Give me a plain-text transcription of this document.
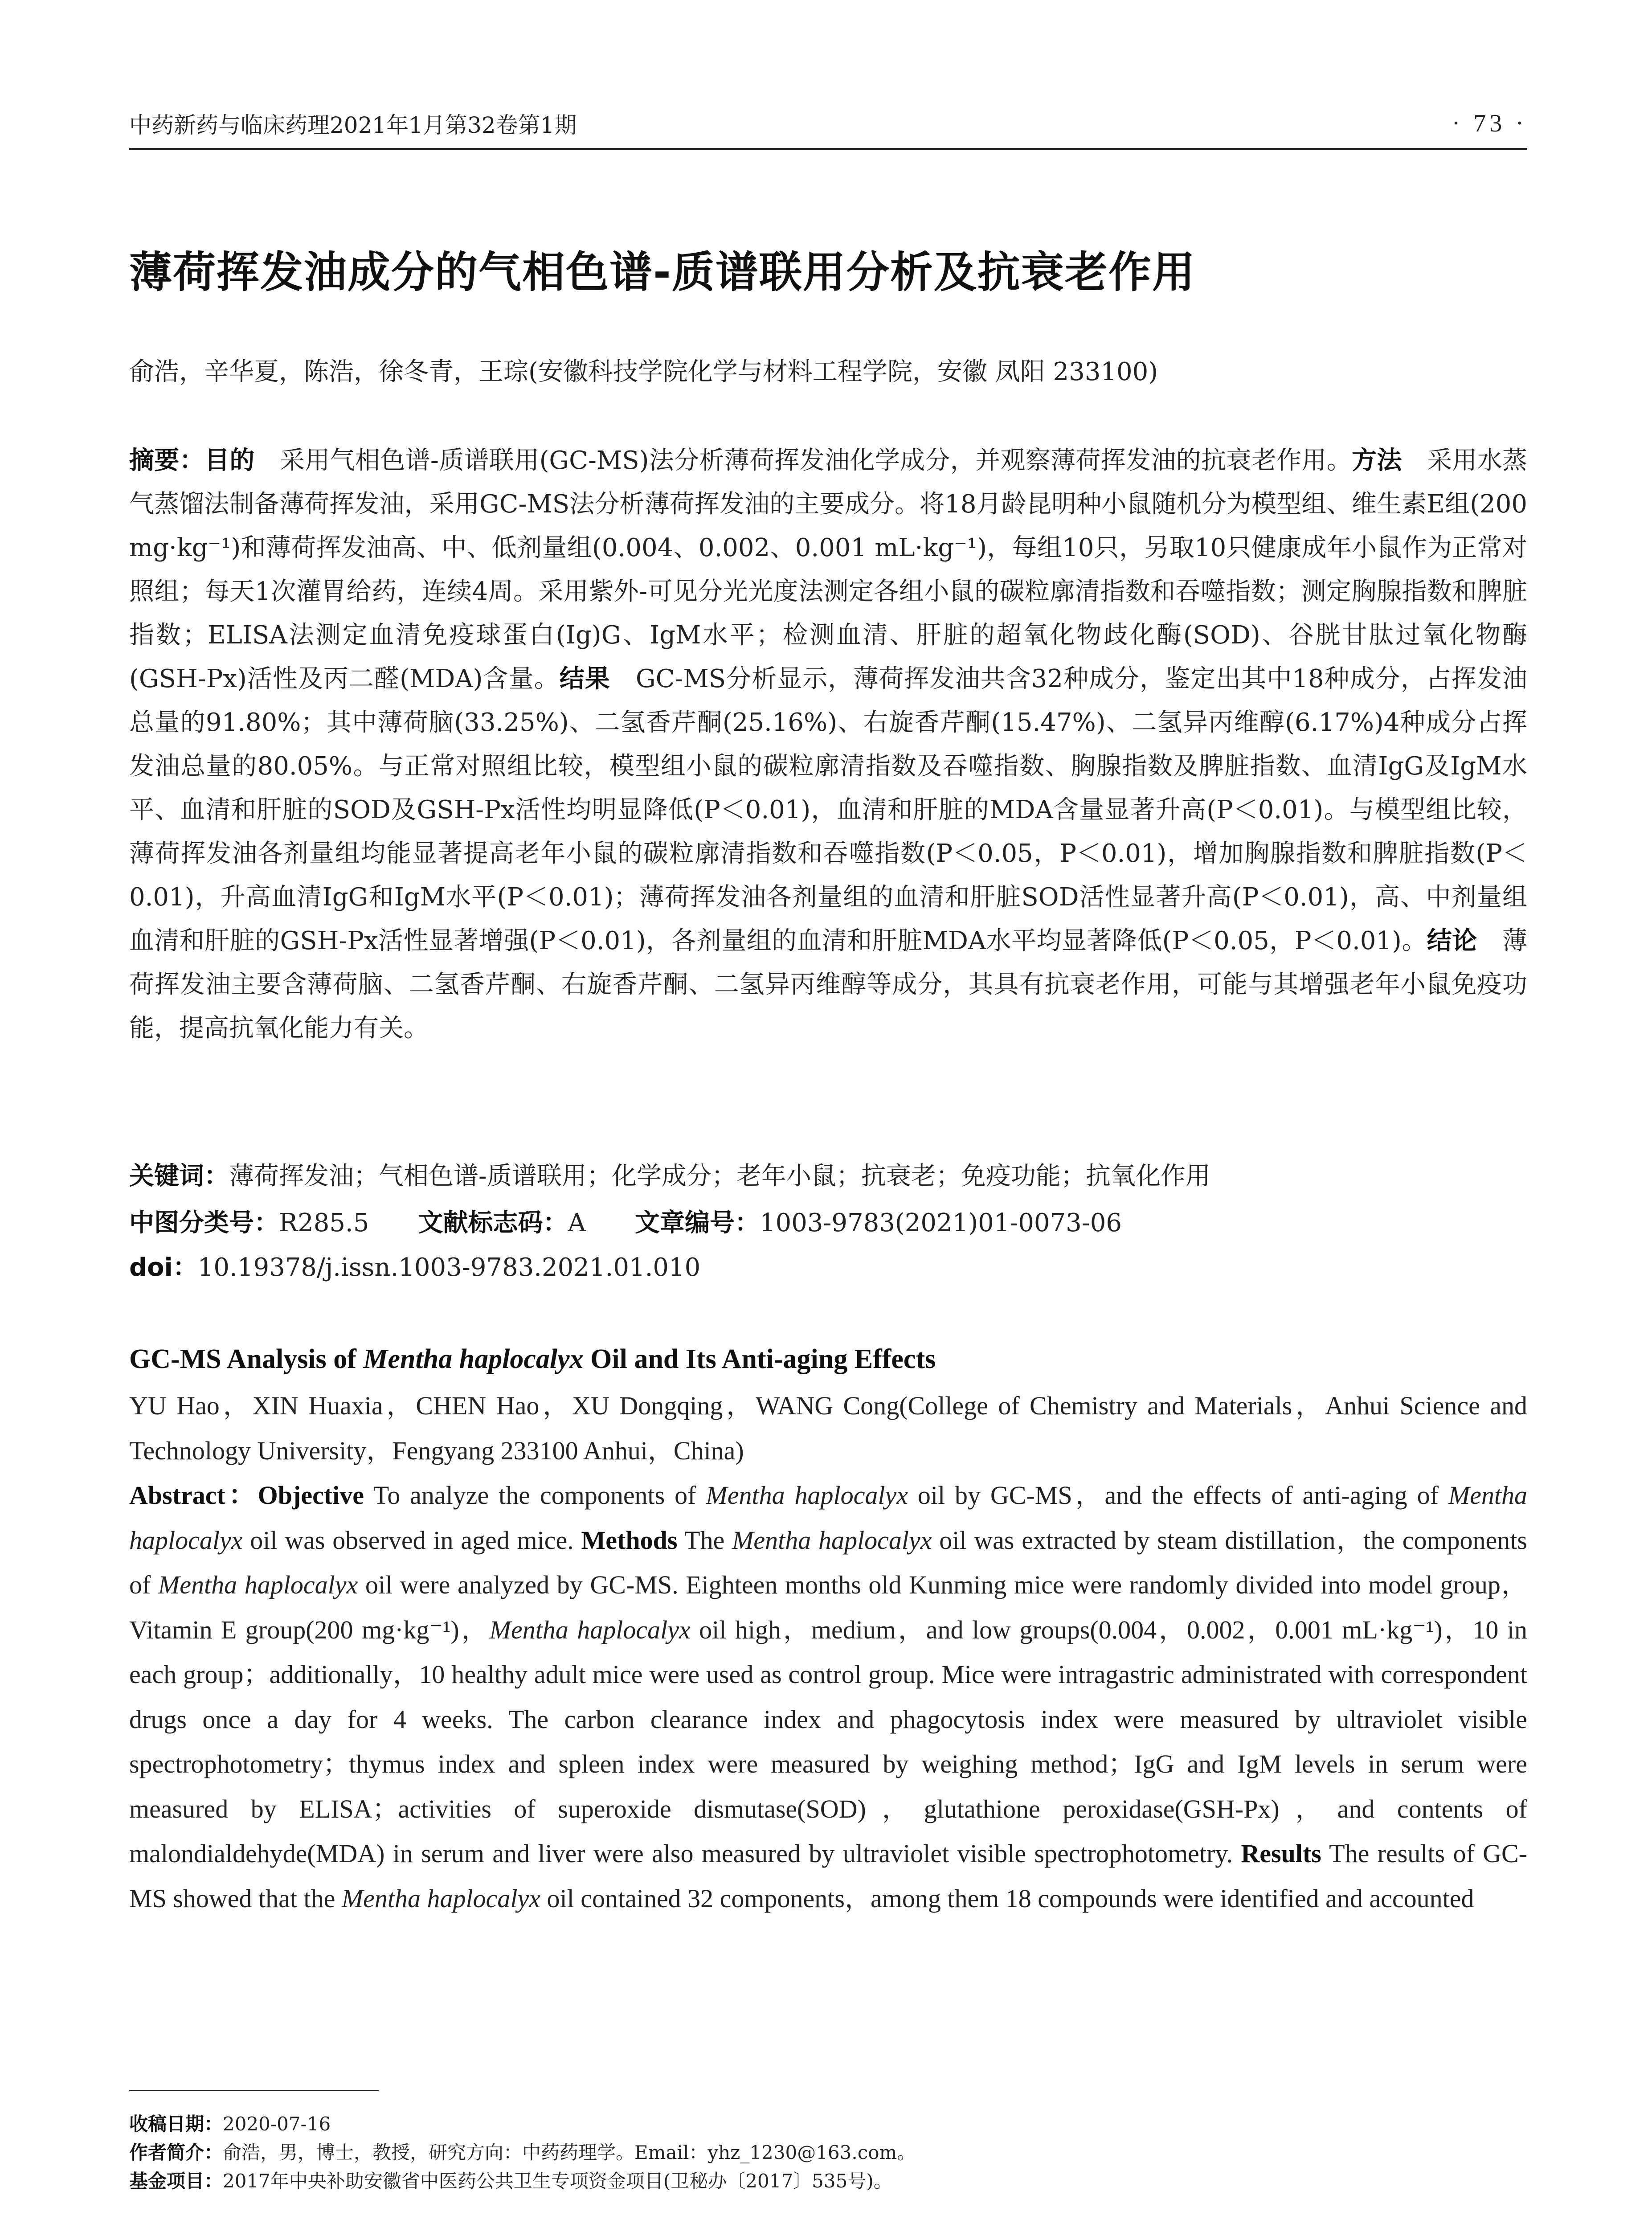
中药新药与临床药理2021年1月第32卷第1期	· 73 ·
薄荷挥发油成分的气相色谱-质谱联用分析及抗衰老作用
俞浩，辛华夏，陈浩，徐冬青，王琮(安徽科技学院化学与材料工程学院，安徽 凤阳 233100)
摘要：目的　 采用气相色谱-质谱联用(GC-MS)法分析薄荷挥发油化学成分，并观察薄荷挥发油的抗衰老作用。方法　 采用水蒸气蒸馏法制备薄荷挥发油，采用GC-MS法分析薄荷挥发油的主要成分。将18月龄昆明种小鼠随机分为模型组、维生素E组(200 mg·kg⁻¹)和薄荷挥发油高、中、低剂量组(0.004、0.002、0.001 mL·kg⁻¹)，每组10只，另取10只健康成年小鼠作为正常对照组；每天1次灌胃给药，连续4周。采用紫外-可见分光光度法测定各组小鼠的碳粒廓清指数和吞噬指数；测定胸腺指数和脾脏指数；ELISA法测定血清免疫球蛋白(Ig)G、IgM水平；检测血清、肝脏的超氧化物歧化酶(SOD)、谷胱甘肽过氧化物酶(GSH-Px)活性及丙二醛(MDA)含量。结果　 GC-MS分析显示，薄荷挥发油共含32种成分，鉴定出其中18种成分，占挥发油总量的91.80%；其中薄荷脑(33.25%)、二氢香芹酮(25.16%)、右旋香芹酮(15.47%)、二氢异丙维醇(6.17%)4种成分占挥发油总量的80.05%。与正常对照组比较，模型组小鼠的碳粒廓清指数及吞噬指数、胸腺指数及脾脏指数、血清IgG及IgM水平、血清和肝脏的SOD及GSH-Px活性均明显降低(P＜0.01)，血清和肝脏的MDA含量显著升高(P＜0.01)。与模型组比较，薄荷挥发油各剂量组均能显著提高老年小鼠的碳粒廓清指数和吞噬指数(P＜0.05，P＜0.01)，增加胸腺指数和脾脏指数(P＜0.01)，升高血清IgG和IgM水平(P＜0.01)；薄荷挥发油各剂量组的血清和肝脏SOD活性显著升高(P＜0.01)，高、中剂量组血清和肝脏的GSH-Px活性显著增强(P＜0.01)，各剂量组的血清和肝脏MDA水平均显著降低(P＜0.05，P＜0.01)。结论　 薄荷挥发油主要含薄荷脑、二氢香芹酮、右旋香芹酮、二氢异丙维醇等成分，其具有抗衰老作用，可能与其增强老年小鼠免疫功能，提高抗氧化能力有关。
关键词：薄荷挥发油；气相色谱-质谱联用；化学成分；老年小鼠；抗衰老；免疫功能；抗氧化作用
中图分类号：R285.5 文献标志码：A 文章编号：1003-9783(2021)01-0073-06
doi：10.19378/j.issn.1003-9783.2021.01.010
GC-MS Analysis of Mentha haplocalyx Oil and Its Anti-aging Effects

YU Hao，XIN Huaxia，CHEN Hao，XU Dongqing，WANG Cong(College of Chemistry and Materials，Anhui Science and Technology University，Fengyang 233100 Anhui，China)

Abstract：Objective To analyze the components of Mentha haplocalyx oil by GC-MS，and the effects of anti-aging of Mentha haplocalyx oil was observed in aged mice. Methods The Mentha haplocalyx oil was extracted by steam distillation，the components of Mentha haplocalyx oil were analyzed by GC-MS. Eighteen months old Kunming mice were randomly divided into model group，Vitamin E group(200 mg·kg⁻¹)，Mentha haplocalyx oil high，medium，and low groups(0.004，0.002，0.001 mL·kg⁻¹)，10 in each group；additionally，10 healthy adult mice were used as control group. Mice were intragastric administrated with correspondent drugs once a day for 4 weeks. The carbon clearance index and phagocytosis index were measured by ultraviolet visible spectrophotometry；thymus index and spleen index were measured by weighing method；IgG and IgM levels in serum were measured by ELISA；activities of superoxide dismutase(SOD)，glutathione peroxidase(GSH-Px)，and contents of malondialdehyde(MDA) in serum and liver were also measured by ultraviolet visible spectrophotometry. Results The results of GC-MS showed that the Mentha haplocalyx oil contained 32 components，among them 18 compounds were identified and accounted

收稿日期：2020-07-16
作者简介：俞浩，男，博士，教授，研究方向：中药药理学。Email：yhz_1230@163.com。
基金项目：2017年中央补助安徽省中医药公共卫生专项资金项目(卫秘办〔2017〕535号)。
